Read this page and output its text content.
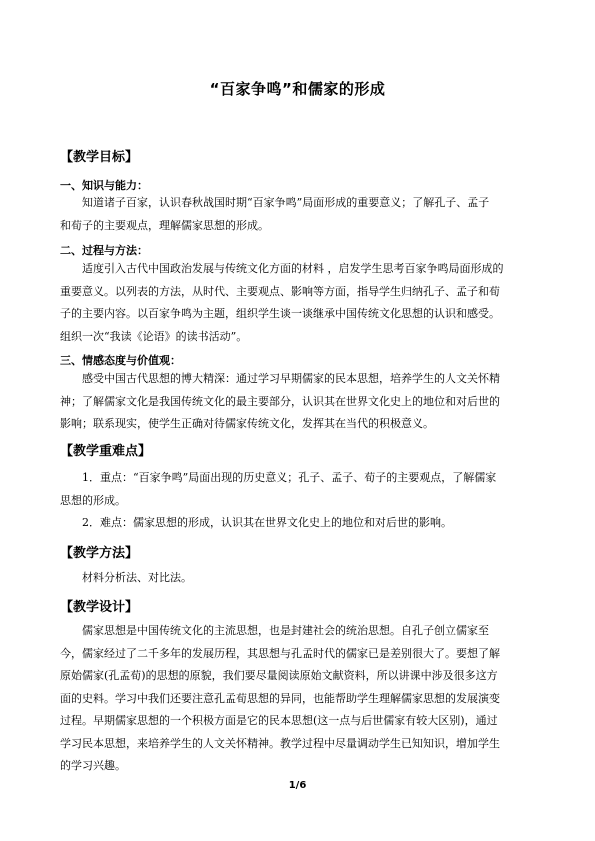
“百家争鸣”和儒家的形成
【教学目标】
一、知识与能力：
知道诸子百家，认识春秋战国时期“百家争鸣”局面形成的重要意义；了解孔子、孟子
和荀子的主要观点，理解儒家思想的形成。
二、过程与方法：
适度引入古代中国政治发展与传统文化方面的材料 ，启发学生思考百家争鸣局面形成的
重要意义。以列表的方法，从时代、主要观点、影响等方面，指导学生归纳孔子、孟子和荀
子的主要内容。以百家争鸣为主题，组织学生谈一谈继承中国传统文化思想的认识和感受。
组织一次“我读《论语》的读书活动”。
三、情感态度与价值观：
感受中国古代思想的博大精深：通过学习早期儒家的民本思想，培养学生的人文关怀精
神；了解儒家文化是我国传统文化的最主要部分，认识其在世界文化史上的地位和对后世的
影响；联系现实，使学生正确对待儒家传统文化，发挥其在当代的积极意义。
【教学重难点】
1．重点：“百家争鸣”局面出现的历史意义；孔子、孟子、荀子的主要观点，了解儒家
思想的形成。
2．难点：儒家思想的形成，认识其在世界文化史上的地位和对后世的影响。
【教学方法】
材料分析法、对比法。
【教学设计】
儒家思想是中国传统文化的主流思想，也是封建社会的统治思想。自孔子创立儒家至
今，儒家经过了二千多年的发展历程，其思想与孔孟时代的儒家已是差别很大了。要想了解
原始儒家(孔孟荀)的思想的原貌，我们要尽量阅读原始文献资料，所以讲课中涉及很多这方
面的史料。学习中我们还要注意孔孟荀思想的异同，也能帮助学生理解儒家思想的发展演变
过程。早期儒家思想的一个积极方面是它的民本思想(这一点与后世儒家有较大区别)，通过
学习民本思想，来培养学生的人文关怀精神。教学过程中尽量调动学生已知知识，增加学生
的学习兴趣。
1/6
